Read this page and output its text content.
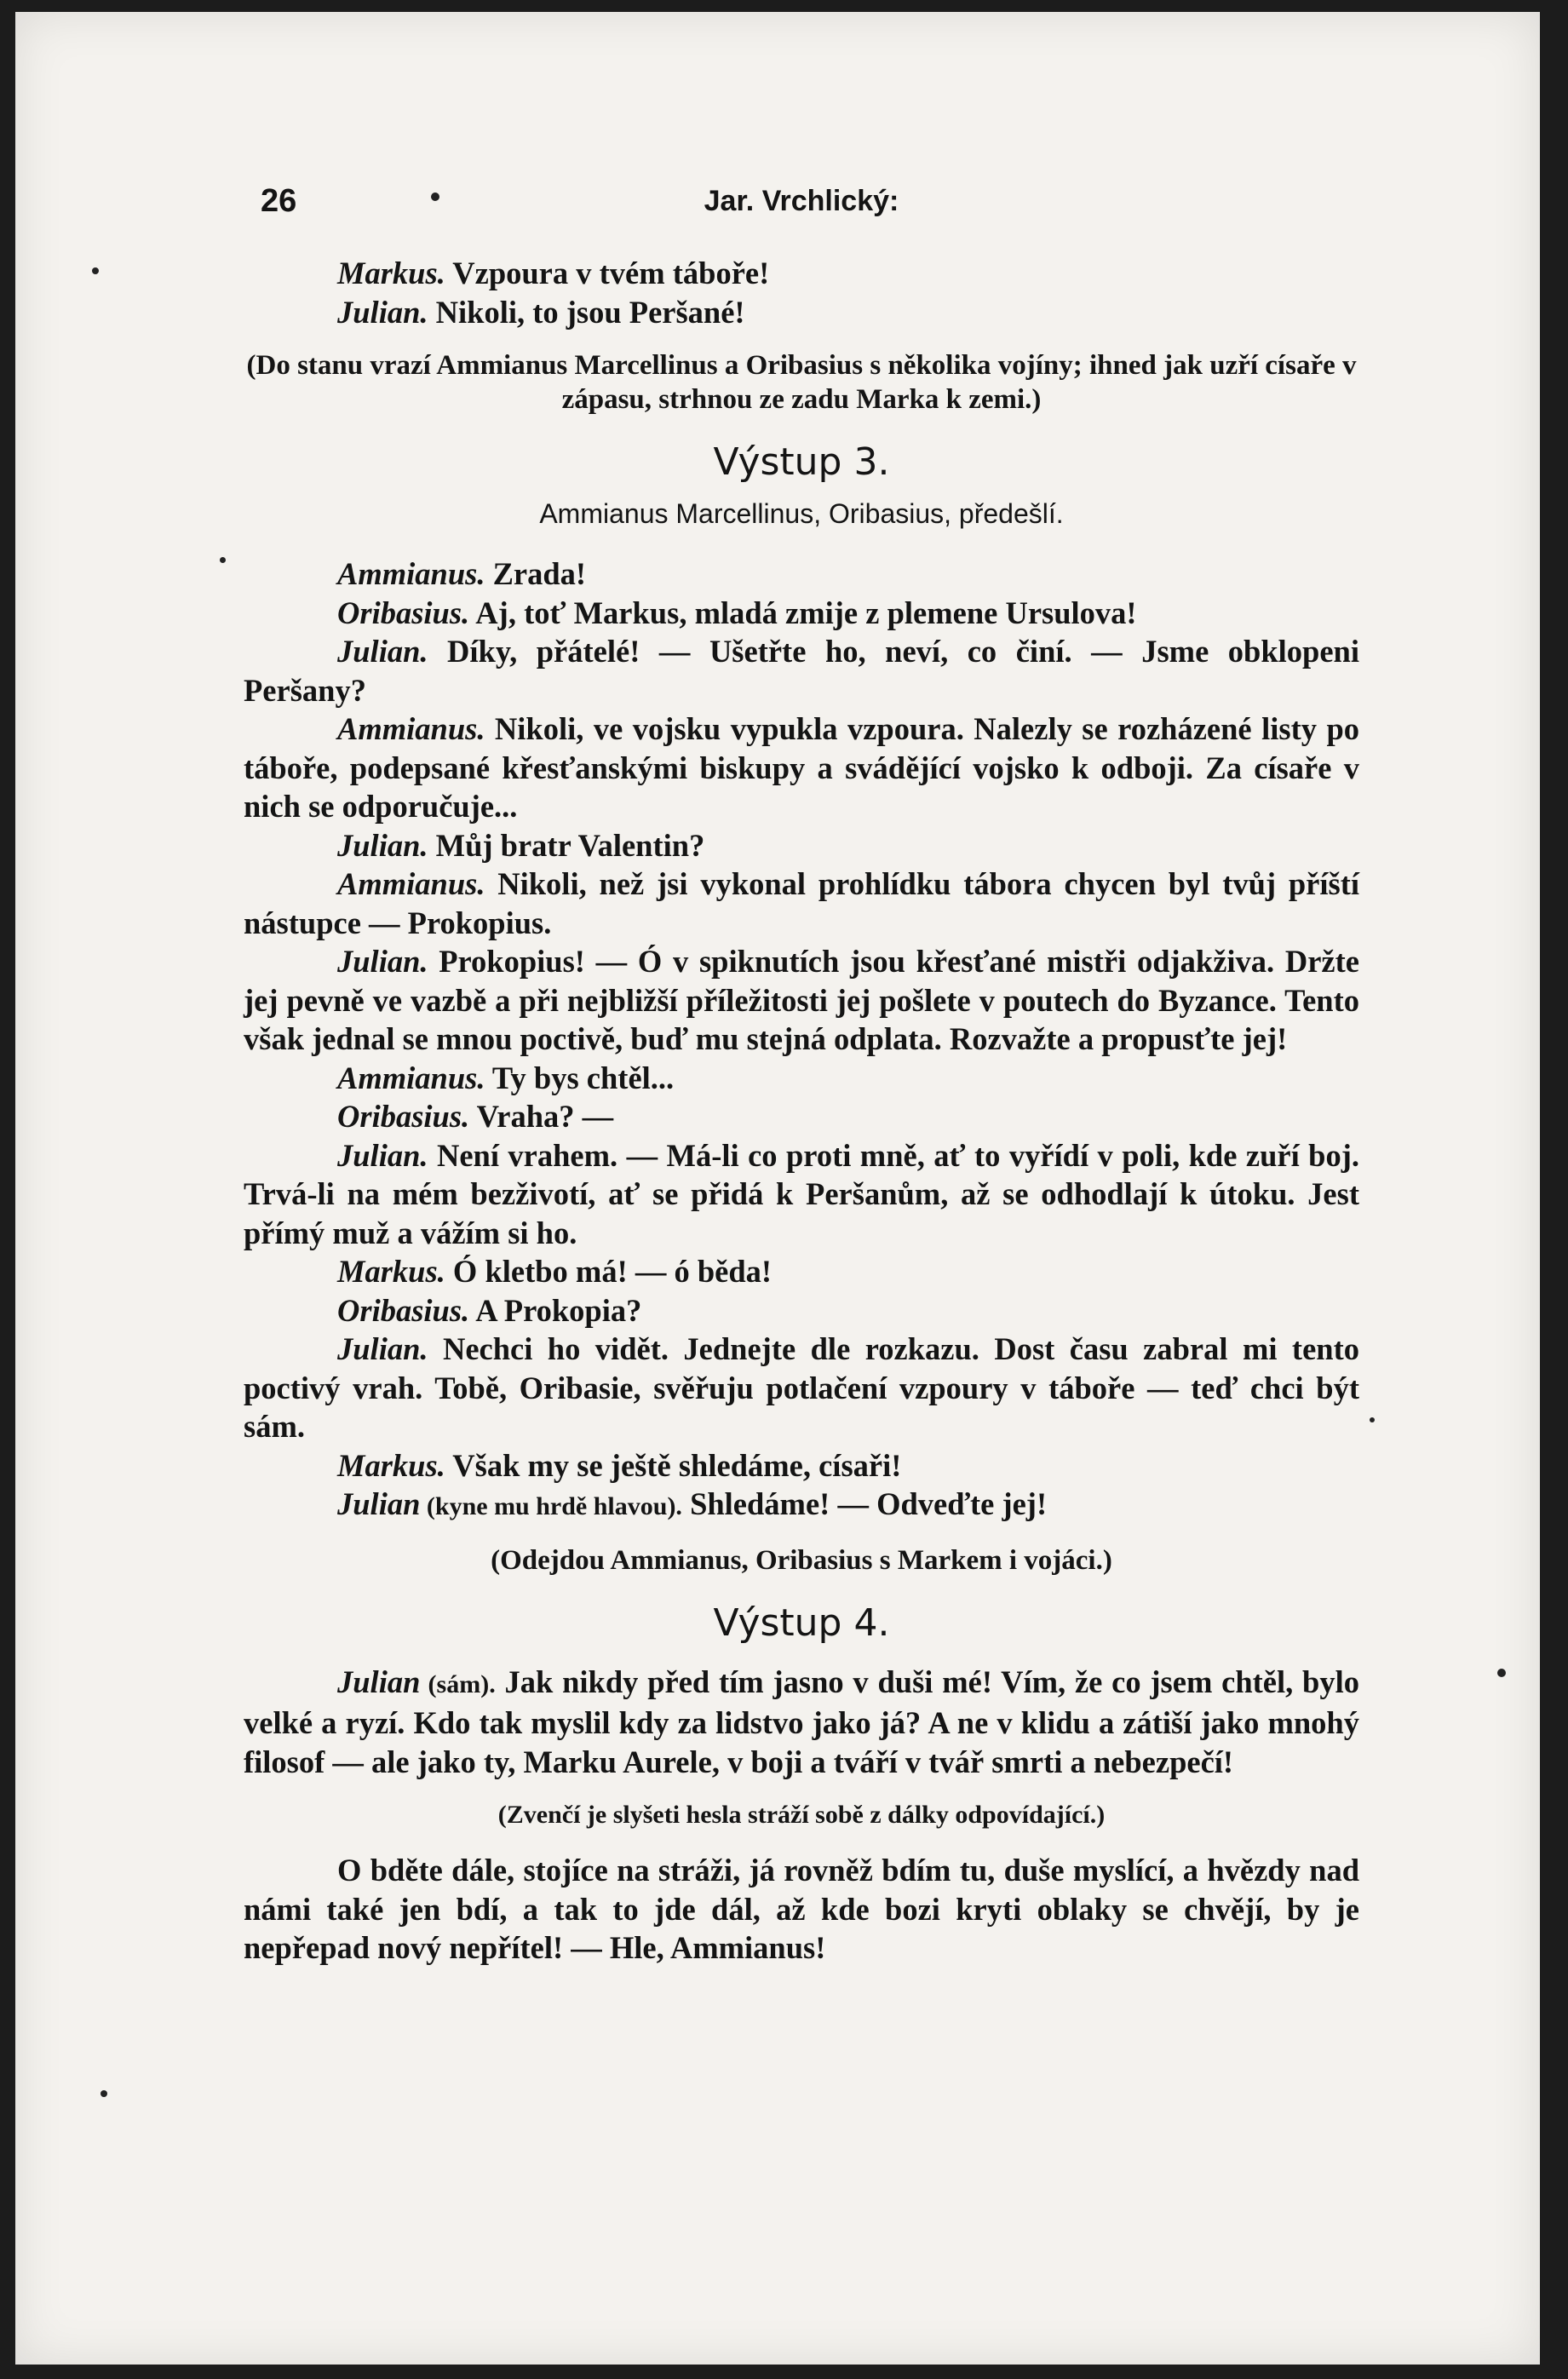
26	Jar. Vrchlický:

Markus. Vzpoura v tvém táboře!

Julian. Nikoli, to jsou Peršané!

(Do stanu vrazí Ammianus Marcellinus a Oribasius s několika vojíny; ihned jak uzří císaře v zápasu, strhnou ze zadu Marka k zemi.)
Výstup 3.
Ammianus Marcellinus, Oribasius, předešlí.

Ammianus. Zrada!

Oribasius. Aj, toť Markus, mladá zmije z plemene Ursulova!

Julian. Díky, přátelé! — Ušetřte ho, neví, co činí. — Jsme obklopeni Peršany?

Ammianus. Nikoli, ve vojsku vypukla vzpoura. Nalezly se rozházené listy po táboře, podepsané křesťanskými biskupy a svádějící vojsko k odboji. Za císaře v nich se odporučuje...

Julian. Můj bratr Valentin?

Ammianus. Nikoli, než jsi vykonal prohlídku tábora chycen byl tvůj příští nástupce — Prokopius.

Julian. Prokopius! — Ó v spiknutích jsou křesťané mistři odjakživa. Držte jej pevně ve vazbě a při nejbližší příležitosti jej pošlete v poutech do Byzance. Tento však jednal se mnou poctivě, buď mu stejná odplata. Rozvažte a propusťte jej!

Ammianus. Ty bys chtěl...

Oribasius. Vraha? —

Julian. Není vrahem. — Má-li co proti mně, ať to vyřídí v poli, kde zuří boj. Trvá-li na mém bezživotí, ať se přidá k Peršanům, až se odhodlají k útoku. Jest přímý muž a vážím si ho.

Markus. Ó kletbo má! — ó běda!

Oribasius. A Prokopia?

Julian. Nechci ho vidět. Jednejte dle rozkazu. Dost času zabral mi tento poctivý vrah. Tobě, Oribasie, svěřuju potlačení vzpoury v táboře — teď chci být sám.

Markus. Však my se ještě shledáme, císaři!

Julian (kyne mu hrdě hlavou). Shledáme! — Odveďte jej!

(Odejdou Ammianus, Oribasius s Markem i vojáci.)
Výstup 4.

Julian (sám). Jak nikdy před tím jasno v duši mé! Vím, že co jsem chtěl, bylo velké a ryzí. Kdo tak myslil kdy za lidstvo jako já? A ne v klidu a zátiší jako mnohý filosof — ale jako ty, Marku Aurele, v boji a tváří v tvář smrti a nebezpečí!

(Zvenčí je slyšeti hesla stráží sobě z dálky odpovídající.)

O bděte dále, stojíce na stráži, já rovněž bdím tu, duše myslící, a hvězdy nad námi také jen bdí, a tak to jde dál, až kde bozi kryti oblaky se chvějí, by je nepřepad nový nepřítel! — Hle, Ammianus!
